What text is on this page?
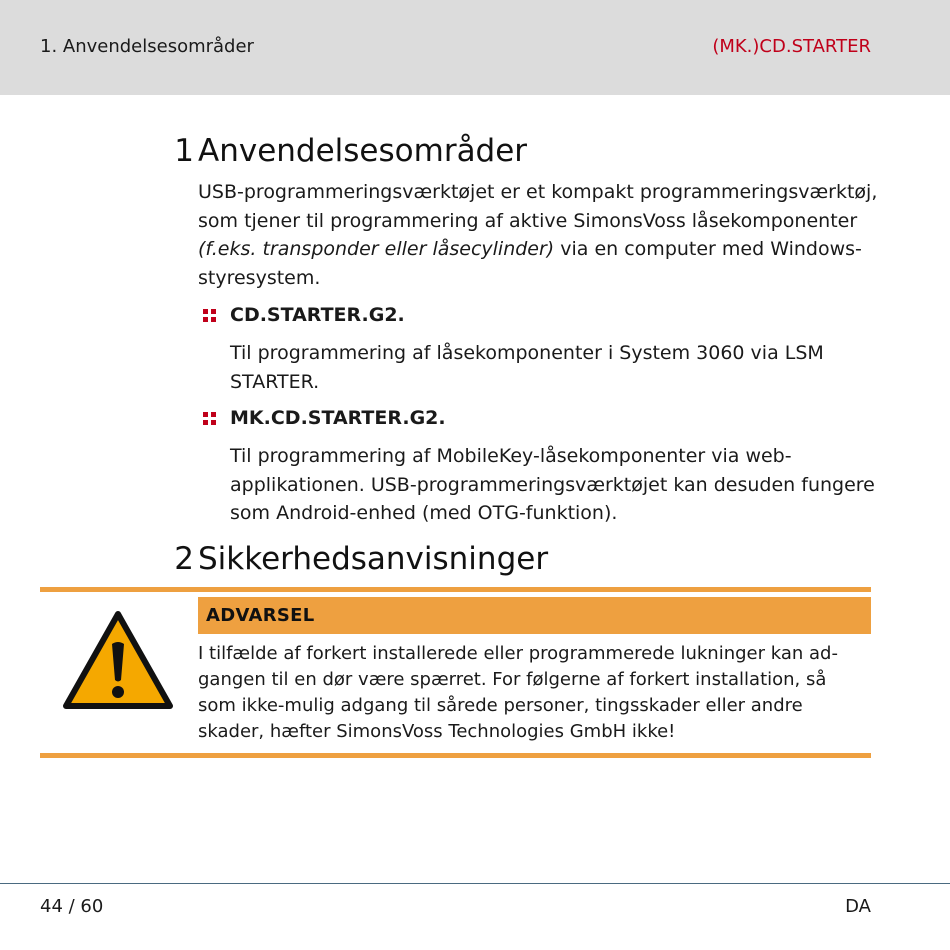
1. Anvendelsesområder	(MK.)CD.STARTER
1 Anvendelsesområder
USB-programmeringsværktøjet er et kompakt programmeringsværktøj,
som tjener til programmering af aktive SimonsVoss låsekomponenter
(f.eks. transponder eller låsecylinder) via en computer med Windows-
styresystem.
CD.STARTER.G2.
Til programmering af låsekomponenter i System 3060 via LSM
STARTER.
MK.CD.STARTER.G2.
Til programmering af MobileKey-låsekomponenter via web-
applikationen. USB-programmeringsværktøjet kan desuden fungere
som Android-enhed (med OTG-funktion).
2 Sikkerhedsanvisninger
ADVARSEL
I tilfælde af forkert installerede eller programmerede lukninger kan ad-
gangen til en dør være spærret. For følgerne af forkert installation, så
som ikke-mulig adgang til sårede personer, tingsskader eller andre
skader, hæfter SimonsVoss Technologies GmbH ikke!
44 / 60	DA
